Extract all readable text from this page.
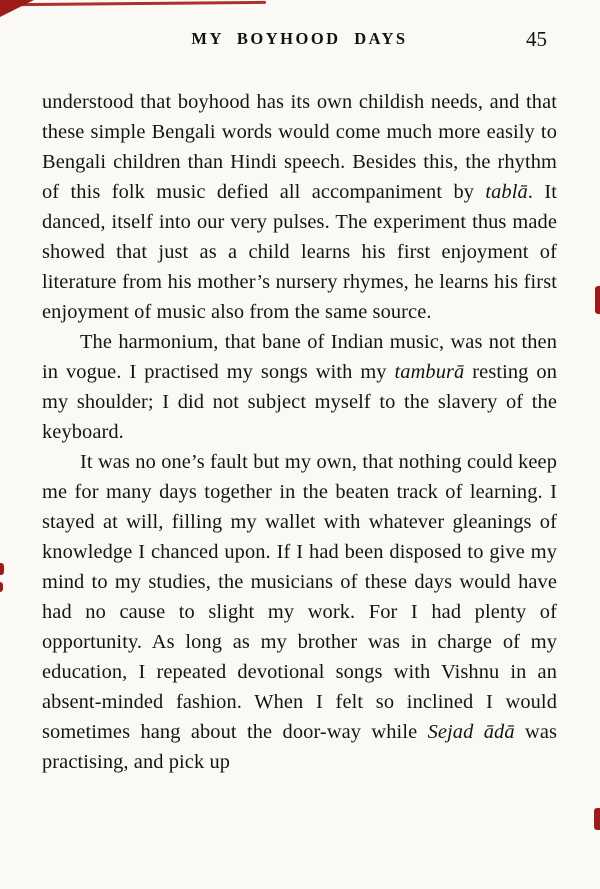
MY BOYHOOD DAYS	45

understood that boyhood has its own childish needs, and that these simple Bengali words would come much more easily to Bengali children than Hindi speech. Besides this, the rhythm of this folk music defied all accompaniment by tablā. It danced, itself into our very pulses. The experiment thus made showed that just as a child learns his first enjoyment of literature from his mother’s nursery rhymes, he learns his first enjoyment of music also from the same source.

The harmonium, that bane of Indian music, was not then in vogue. I practised my songs with my tamburā resting on my shoulder; I did not subject myself to the slavery of the keyboard.

It was no one’s fault but my own, that nothing could keep me for many days together in the beaten track of learning. I stayed at will, filling my wallet with whatever gleanings of knowledge I chanced upon. If I had been disposed to give my mind to my studies, the musicians of these days would have had no cause to slight my work. For I had plenty of opportunity. As long as my brother was in charge of my education, I repeated devotional songs with Vishnu in an absent-minded fashion. When I felt so inclined I would sometimes hang about the door-way while Sejad ādā was practising, and pick up
